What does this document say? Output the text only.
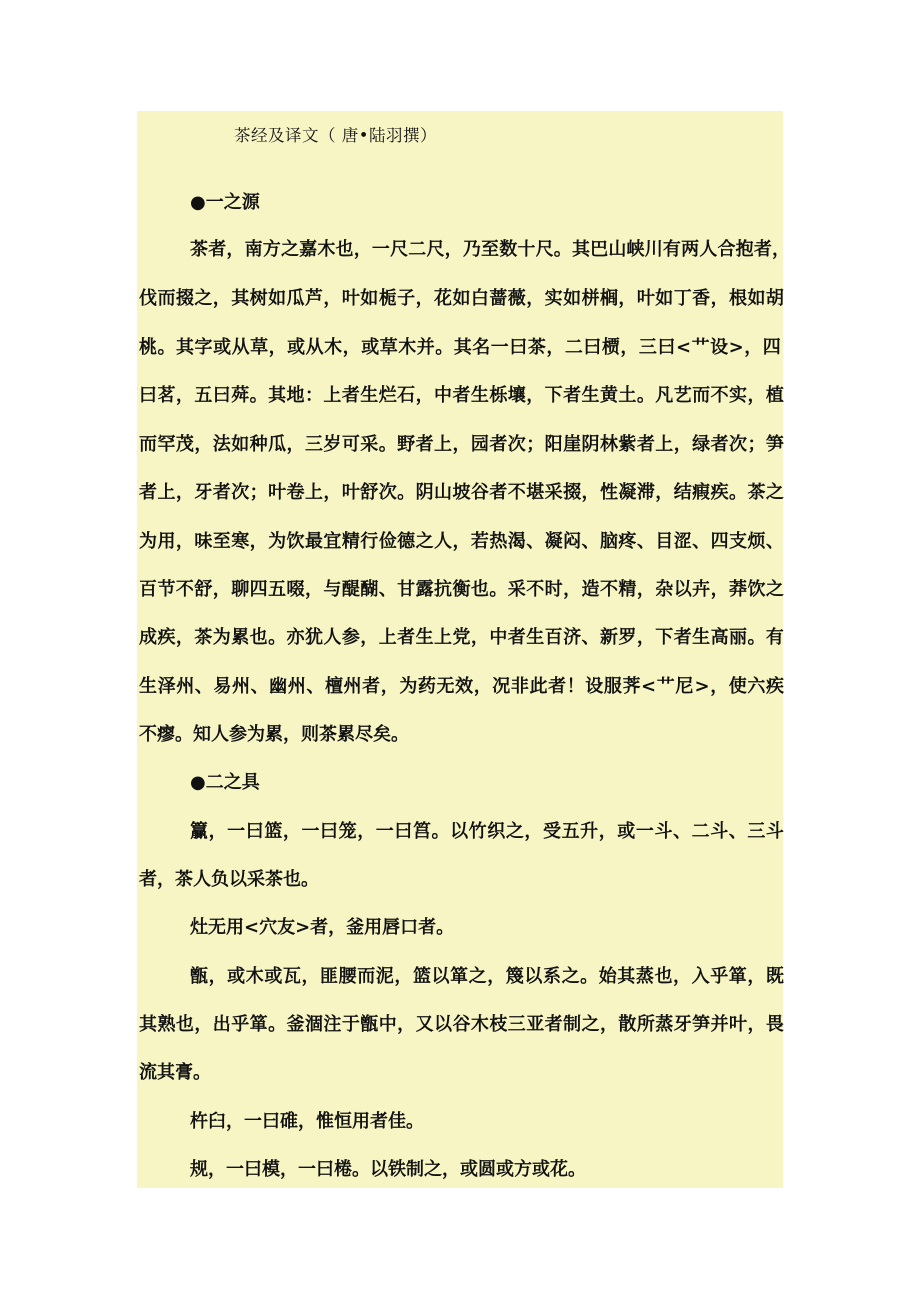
茶经及译文（ 唐•陆羽撰）
●一之源
茶 者 ， 南 方 之 嘉 木 也 ， 一 尺 二 尺 ， 乃 至 数 十 尺 。 其 巴 山 峡 川 有 两 人 合 抱 者 ，
伐 而 掇 之 ， 其 树 如 瓜 芦 ， 叶 如 栀 子 ， 花 如 白 蔷 薇 ， 实 如 栟 榈 ， 叶 如 丁 香 ， 根 如 胡
桃 。 其 字 或 从 草 ， 或 从 木 ， 或 草 木 并 。 其 名 一 曰 茶 ， 二 曰 槚 ， 三 曰 < 艹 设 > ， 四
曰 茗 ， 五 曰 荈 。 其 地 ： 上 者 生 烂 石 ， 中 者 生 栎 壤 ， 下 者 生 黄 土 。 凡 艺 而 不 实 ， 植
而 罕 茂 ， 法 如 种 瓜 ， 三 岁 可 采 。 野 者 上 ， 园 者 次 ； 阳 崖 阴 林 紫 者 上 ， 绿 者 次 ； 笋
者 上 ， 牙 者 次 ； 叶 卷 上 ， 叶 舒 次 。 阴 山 坡 谷 者 不 堪 采 掇 ， 性 凝 滞 ， 结 瘕 疾 。 茶 之
为 用 ， 味 至 寒 ， 为 饮 最 宜 精 行 俭 德 之 人 ， 若 热 渴 、 凝 闷 、 脑 疼 、 目 涩 、 四 支 烦 、
百 节 不 舒 ， 聊 四 五 啜 ， 与 醍 醐 、 甘 露 抗 衡 也 。 采 不 时 ， 造 不 精 ， 杂 以 卉 ， 莽 饮 之
成 疾 ， 茶 为 累 也 。 亦 犹 人 参 ， 上 者 生 上 党 ， 中 者 生 百 济 、 新 罗 ， 下 者 生 高 丽 。 有
生 泽 州 、 易 州 、 幽 州 、 檀 州 者 ， 为 药 无 效 ， 况 非 此 者 ！ 设 服 荠 < 艹 尼 > ， 使 六 疾
不瘳。知人参为累，则茶累尽矣。
●二之具
籯 ， 一 曰 篮 ， 一 曰 笼 ， 一 曰 筥 。 以 竹 织 之 ， 受 五 升 ， 或 一 斗 、 二 斗 、 三 斗
者，茶人负以采茶也。
灶无用<穴友>者，釜用唇口者。
甑 ， 或 木 或 瓦 ， 匪 腰 而 泥 ， 篮 以 箪 之 ， 篾 以 系 之 。 始 其 蒸 也 ， 入 乎 箪 ， 既
其 熟 也 ， 出 乎 箪 。 釜 涸 注 于 甑 中 ， 又 以 谷 木 枝 三 亚 者 制 之 ， 散 所 蒸 牙 笋 并 叶 ， 畏
流其膏。
杵臼，一曰碓，惟恒用者佳。
规，一曰模，一曰棬。以铁制之，或圆或方或花。
